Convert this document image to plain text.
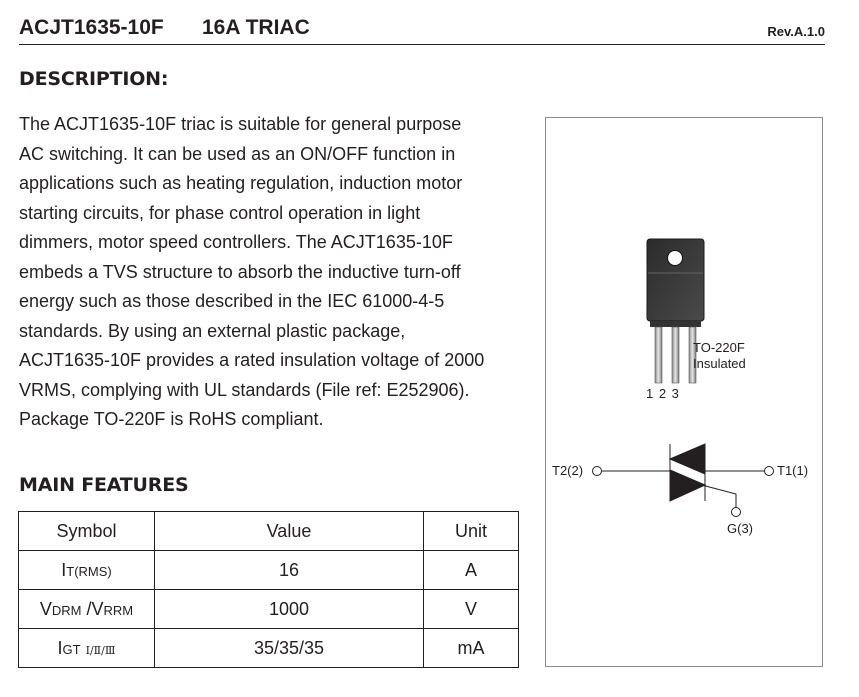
ACJT1635-10F 16A TRIAC	Rev.A.1.0
DESCRIPTION:
The ACJT1635-10F triac is suitable for general purpose
AC switching. It can be used as an ON/OFF function in
applications such as heating regulation, induction motor
starting circuits, for phase control operation in light
dimmers, motor speed controllers. The ACJT1635-10F
embeds a TVS structure to absorb the inductive turn-off
energy such as those described in the IEC 61000-4-5
standards. By using an external plastic package,
ACJT1635-10F provides a rated insulation voltage of 2000
VRMS, complying with UL standards (File ref: E252906).
Package TO-220F is RoHS compliant.
MAIN FEATURES
Symbol	Value	Unit
IT(RMS)	16	A
VDRM /VRRM	1000	V
IGT Ⅰ/Ⅱ/Ⅲ	35/35/35	mA
TO-220F
Insulated
1 2 3
T2(2)	T1(1)
G(3)
